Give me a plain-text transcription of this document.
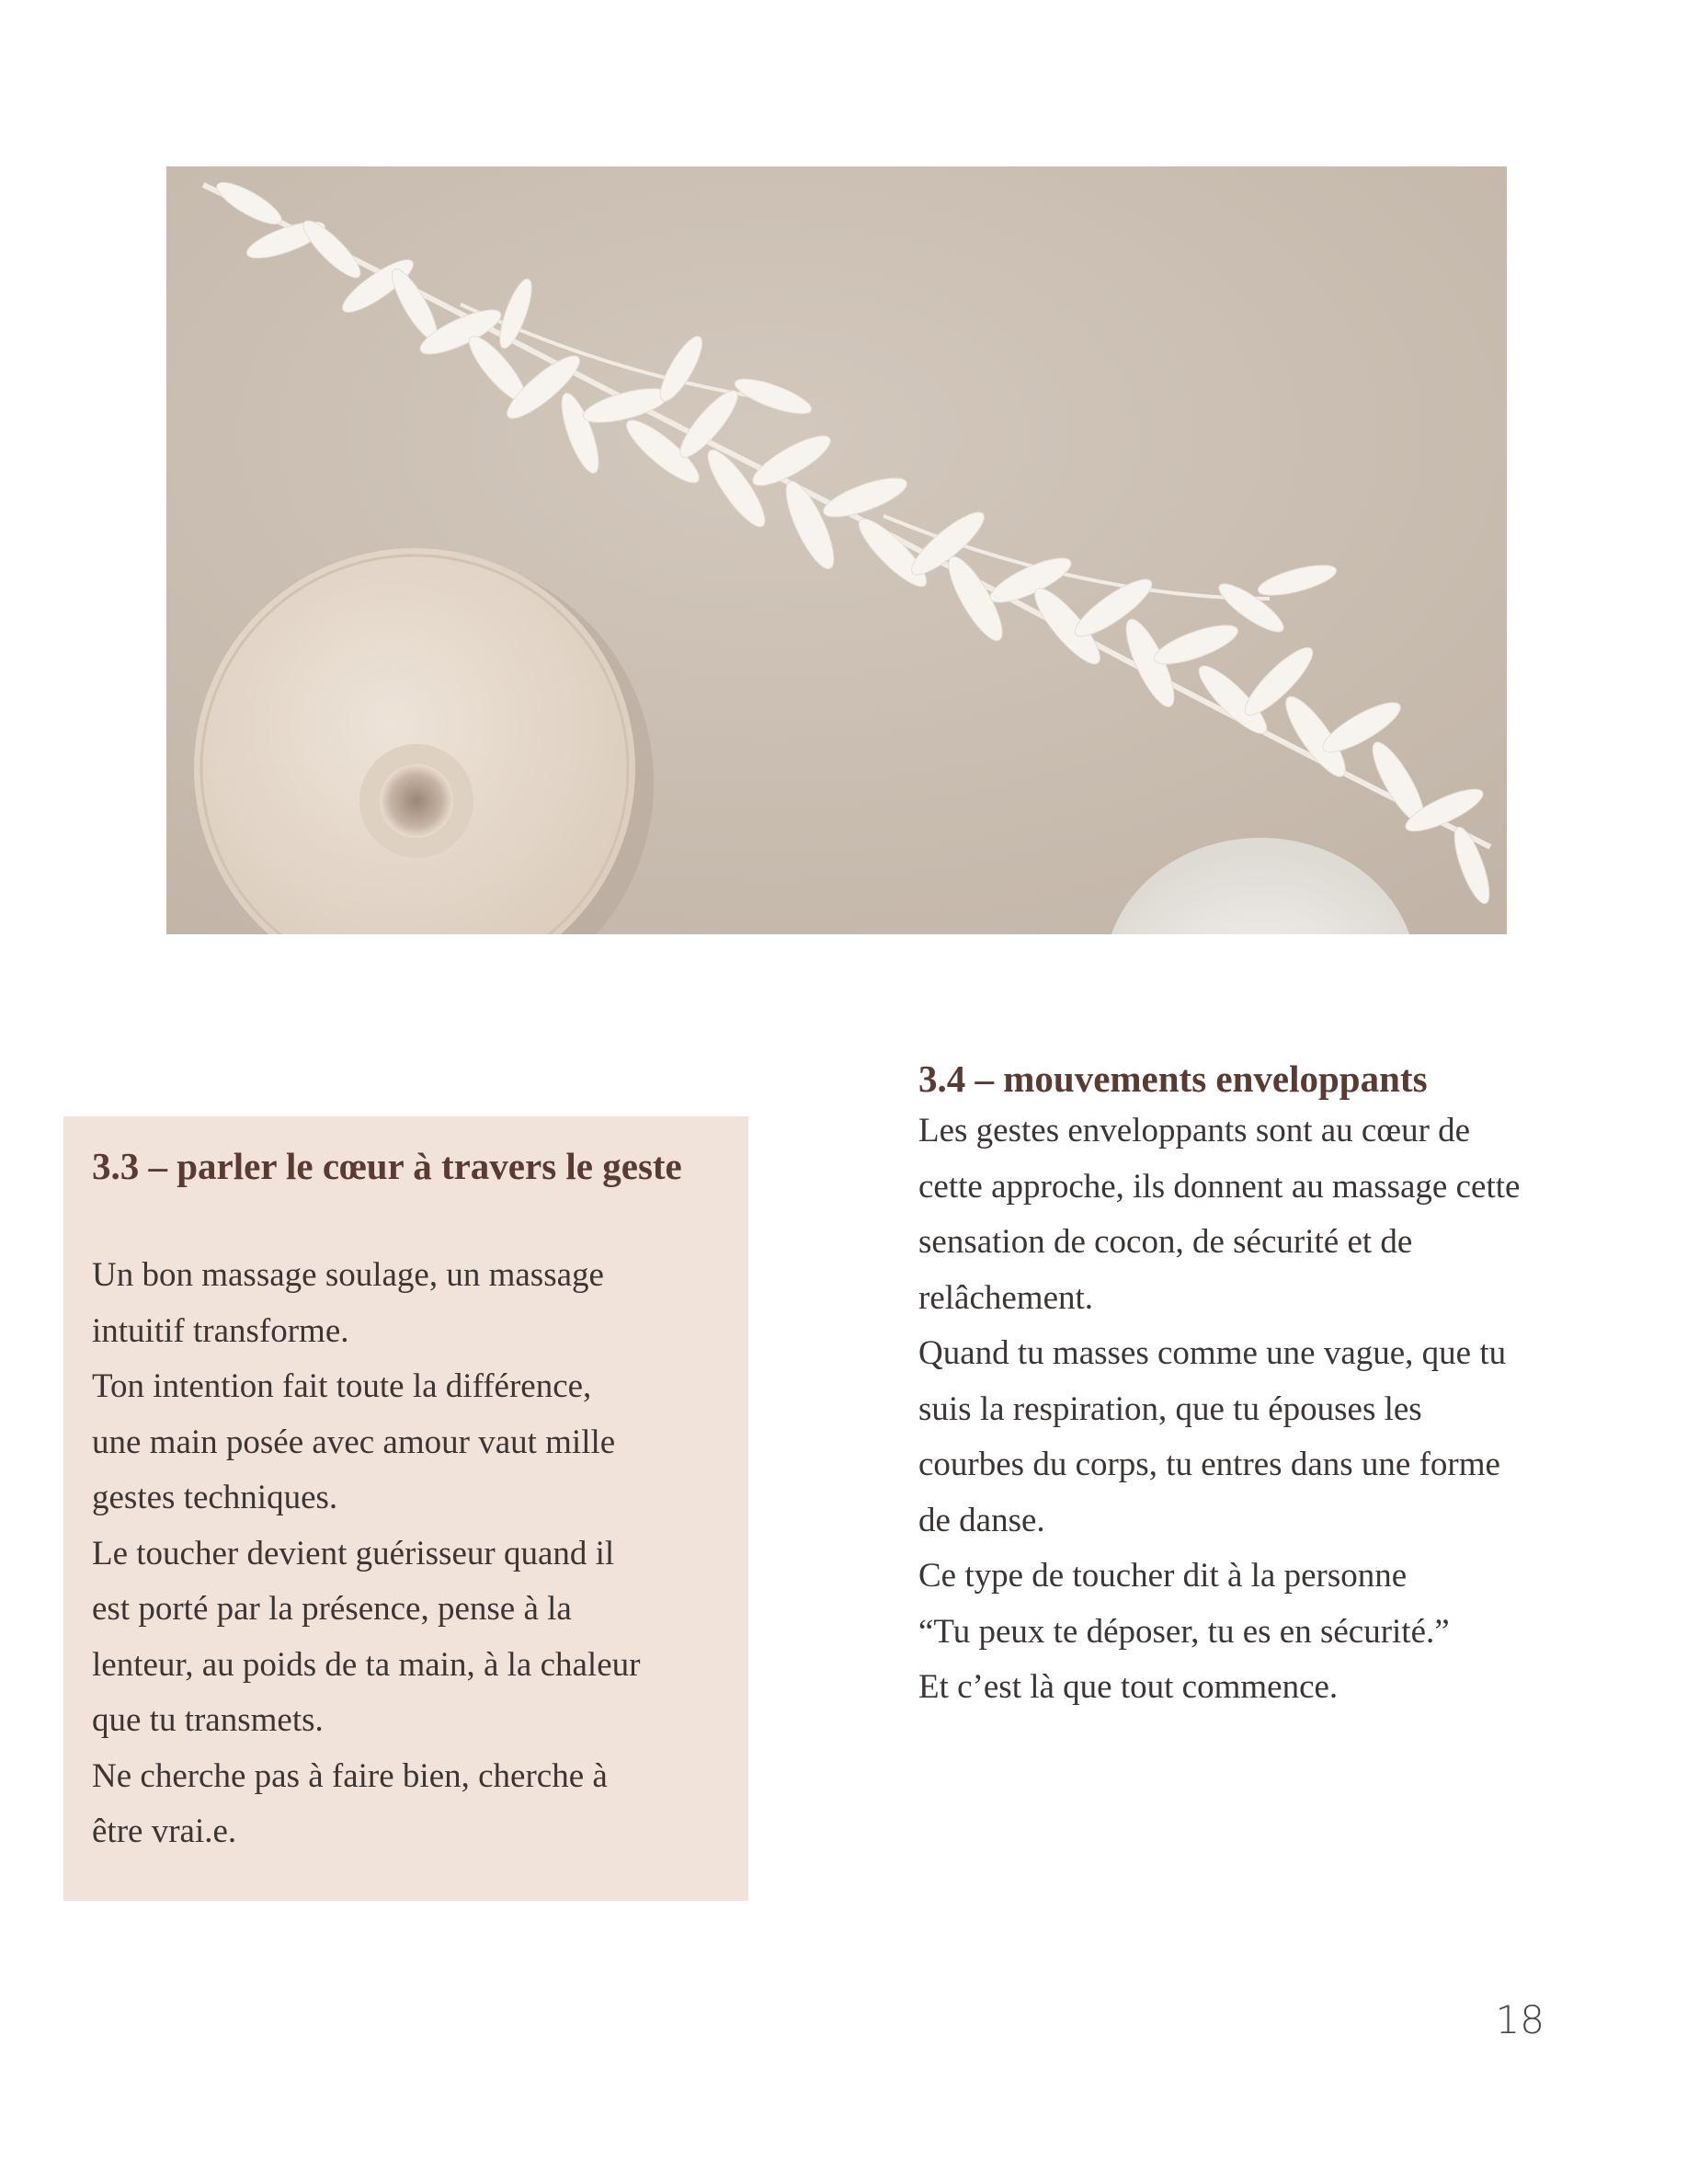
3.3 – parler le cœur à travers le geste
Un bon massage soulage, un massage
intuitif transforme.
Ton intention fait toute la différence,
une main posée avec amour vaut mille
gestes techniques.
Le toucher devient guérisseur quand il
est porté par la présence, pense à la
lenteur, au poids de ta main, à la chaleur
que tu transmets.
Ne cherche pas à faire bien, cherche à
être vrai.e.
3.4 – mouvements enveloppants
Les gestes enveloppants sont au cœur de
cette approche, ils donnent au massage cette
sensation de cocon, de sécurité et de
relâchement.
Quand tu masses comme une vague, que tu
suis la respiration, que tu épouses les
courbes du corps, tu entres dans une forme
de danse.
Ce type de toucher dit à la personne
“Tu peux te déposer, tu es en sécurité.”
Et c’est là que tout commence.
18
